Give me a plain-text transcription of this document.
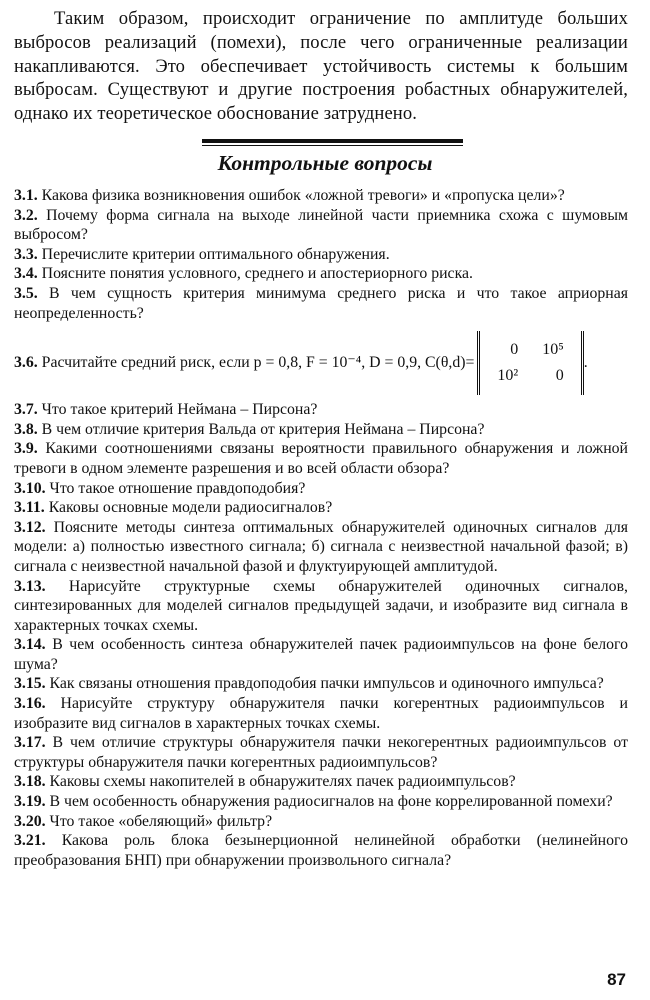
Таким образом, происходит ограничение по амплитуде больших выбросов реализаций (помехи), после чего ограниченные реализации накапливаются. Это обеспечивает устойчивость системы к большим выбросам. Существуют и другие построения робастных обнаружителей, однако их теоретическое обоснование затруднено.
Контрольные вопросы

3.1. Какова физика возникновения ошибок «ложной тревоги» и «пропуска цели»?

3.2. Почему форма сигнала на выходе линейной части приемника схожа с шумовым выбросом?

3.3. Перечислите критерии оптимального обнаружения.

3.4. Поясните понятия условного, среднего и апостериорного риска.

3.5. В чем сущность критерия минимума среднего риска и что такое априорная неопределенность?

3.6. Расчитайте средний риск, если p = 0,8, F = 10⁻⁴, D = 0,9, C(θ,d)=
0	10⁵
10²	0
.

3.7. Что такое критерий Неймана – Пирсона?

3.8. В чем отличие критерия Вальда от критерия Неймана – Пирсона?

3.9. Какими соотношениями связаны вероятности правильного обнаружения и ложной тревоги в одном элементе разрешения и во всей области обзора?

3.10. Что такое отношение правдоподобия?

3.11. Каковы основные модели радиосигналов?

3.12. Поясните методы синтеза оптимальных обнаружителей одиночных сигналов для модели: а) полностью известного сигнала; б) сигнала с неизвестной начальной фазой; в) сигнала с неизвестной начальной фазой и флуктуирующей амплитудой.

3.13. Нарисуйте структурные схемы обнаружителей одиночных сигналов, синтезированных для моделей сигналов предыдущей задачи, и изобразите вид сигнала в характерных точках схемы.

3.14. В чем особенность синтеза обнаружителей пачек радиоимпульсов на фоне белого шума?

3.15. Как связаны отношения правдоподобия пачки импульсов и одиночного импульса?

3.16. Нарисуйте структуру обнаружителя пачки когерентных радиоимпульсов и изобразите вид сигналов в характерных точках схемы.

3.17. В чем отличие структуры обнаружителя пачки некогерентных радиоимпульсов от структуры обнаружителя пачки когерентных радиоимпульсов?

3.18. Каковы схемы накопителей в обнаружителях пачек радиоимпульсов?

3.19. В чем особенность обнаружения радиосигналов на фоне коррелированной помехи?

3.20. Что такое «обеляющий» фильтр?

3.21. Какова роль блока безынерционной нелинейной обработки (нелинейного преобразования БНП) при обнаружении произвольного сигнала?

87
